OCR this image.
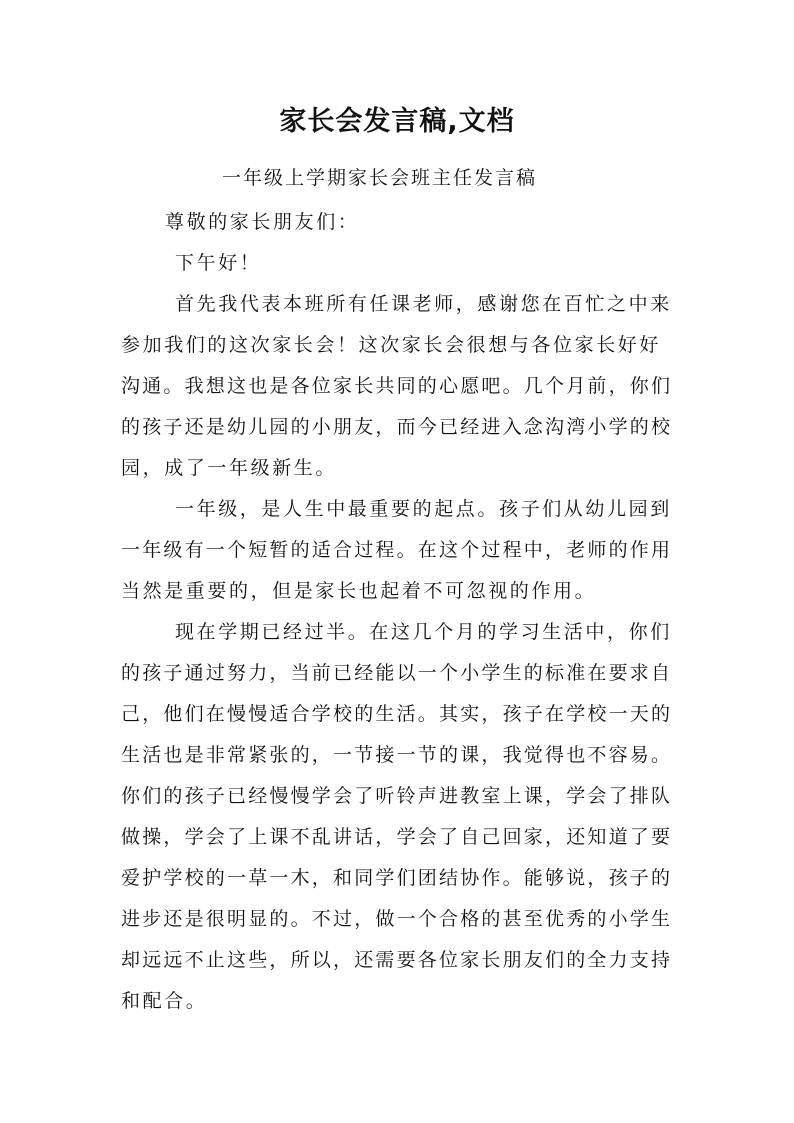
家长会发言稿,文档

一年级上学期家长会班主任发言稿

尊敬的家长朋友们：

下午好！

首先我代表本班所有任课老师，感谢您在百忙之中来

参加我们的这次家长会！这次家长会很想与各位家长好好

沟通。我想这也是各位家长共同的心愿吧。几个月前，你们

的孩子还是幼儿园的小朋友，而今已经进入念沟湾小学的校

园，成了一年级新生。

一年级，是人生中最重要的起点。孩子们从幼儿园到

一年级有一个短暂的适合过程。在这个过程中，老师的作用

当然是重要的，但是家长也起着不可忽视的作用。

现在学期已经过半。在这几个月的学习生活中，你们

的孩子通过努力，当前已经能以一个小学生的标准在要求自

己，他们在慢慢适合学校的生活。其实，孩子在学校一天的

生活也是非常紧张的，一节接一节的课，我觉得也不容易。

你们的孩子已经慢慢学会了听铃声进教室上课，学会了排队

做操，学会了上课不乱讲话，学会了自己回家，还知道了要

爱护学校的一草一木，和同学们团结协作。能够说，孩子的

进步还是很明显的。不过，做一个合格的甚至优秀的小学生

却远远不止这些，所以，还需要各位家长朋友们的全力支持

和配合。
